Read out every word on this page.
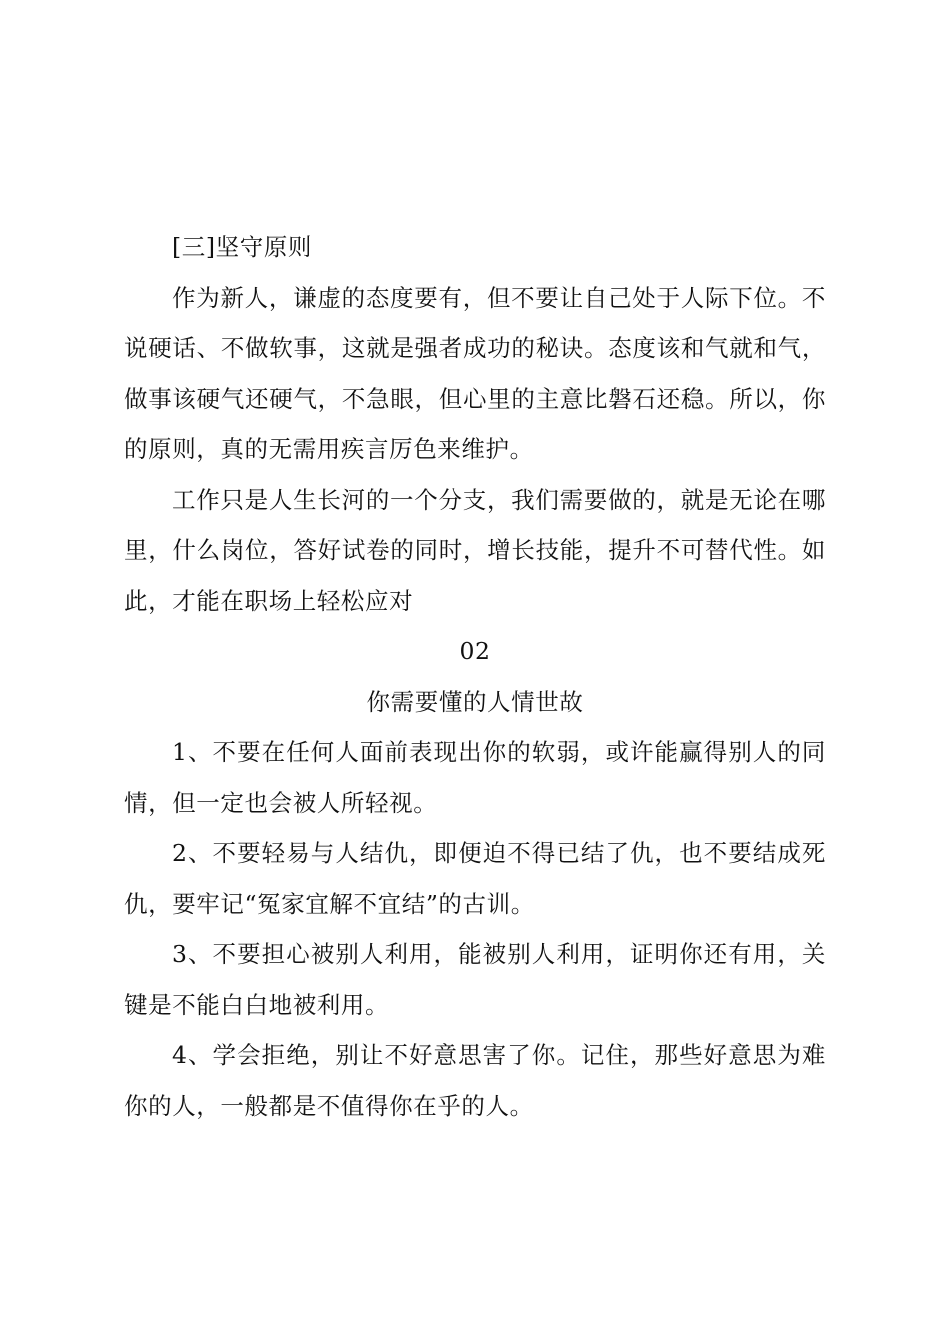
[三]坚守原则

作为新人，谦虚的态度要有，但不要让自己处于人际下位。不说硬话、不做软事，这就是强者成功的秘诀。态度该和气就和气，做事该硬气还硬气，不急眼，但心里的主意比磐石还稳。所以，你的原则，真的无需用疾言厉色来维护。

工作只是人生长河的一个分支，我们需要做的，就是无论在哪里，什么岗位，答好试卷的同时，增长技能，提升不可替代性。如此，才能在职场上轻松应对

02

你需要懂的人情世故

1、不要在任何人面前表现出你的软弱，或许能赢得别人的同情，但一定也会被人所轻视。

2、不要轻易与人结仇，即便迫不得已结了仇，也不要结成死仇，要牢记“冤家宜解不宜结”的古训。

3、不要担心被别人利用，能被别人利用，证明你还有用，关键是不能白白地被利用。

4、学会拒绝，别让不好意思害了你。记住，那些好意思为难你的人，一般都是不值得你在乎的人。
